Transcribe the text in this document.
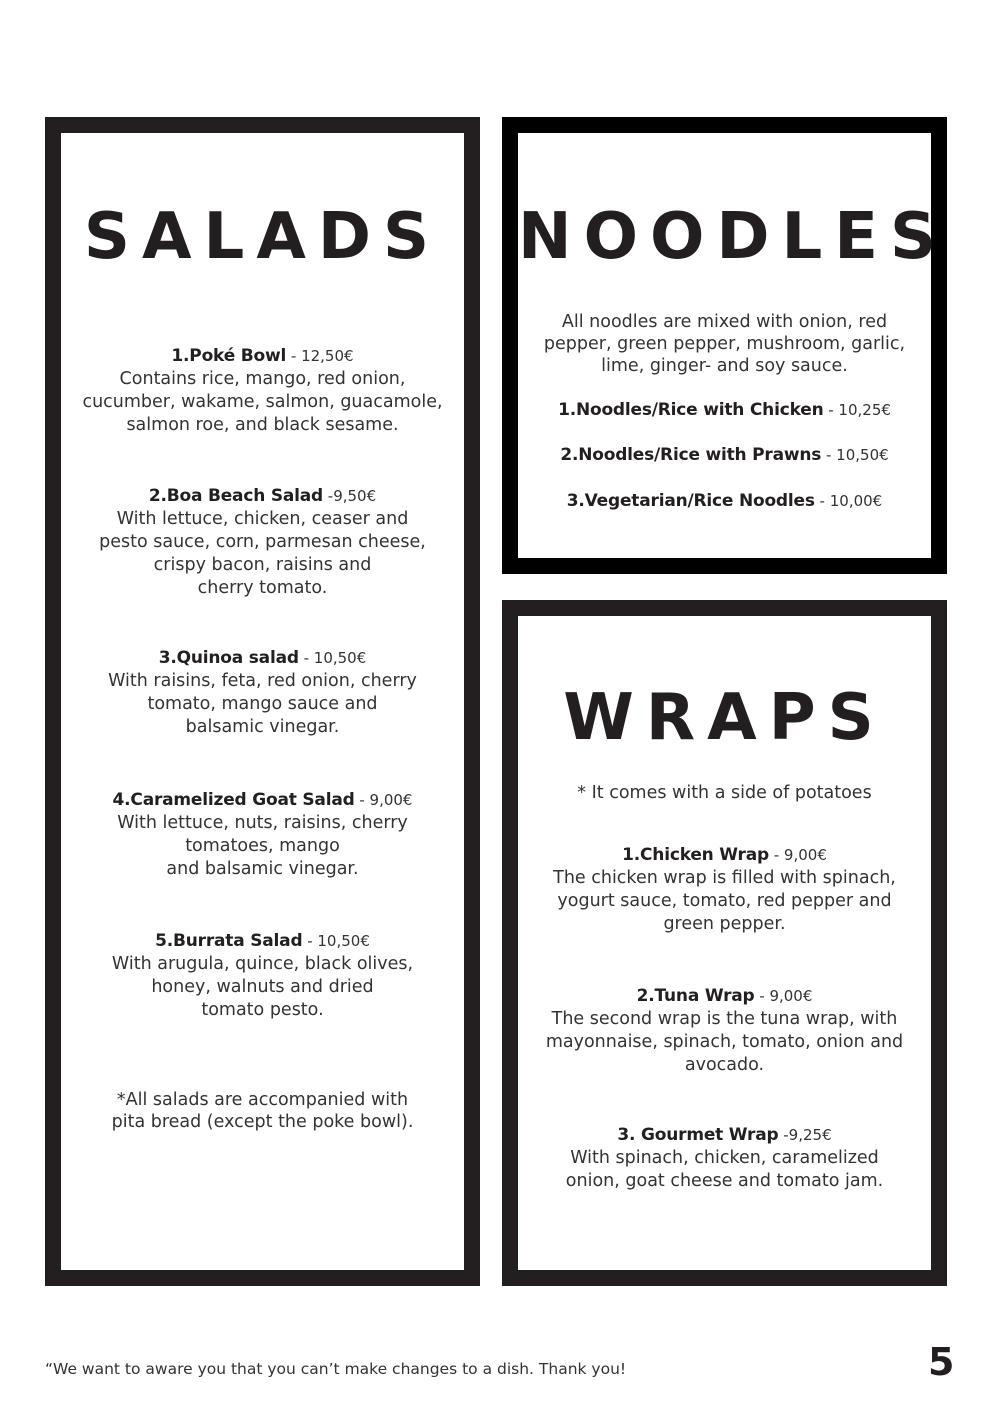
SALADS
1.Poké Bowl - 12,50€
Contains rice, mango, red onion,
cucumber, wakame, salmon, guacamole,
salmon roe, and black sesame.
2.Boa Beach Salad -9,50€
With lettuce, chicken, ceaser and
pesto sauce, corn, parmesan cheese,
crispy bacon, raisins and
cherry tomato.
3.Quinoa salad - 10,50€
With raisins, feta, red onion, cherry
tomato, mango sauce and
balsamic vinegar.
4.Caramelized Goat Salad - 9,00€
With lettuce, nuts, raisins, cherry
tomatoes, mango
and balsamic vinegar.
5.Burrata Salad - 10,50€
With arugula, quince, black olives,
honey, walnuts and dried
tomato pesto.
*All salads are accompanied with
pita bread (except the poke bowl).
NOODLES
All noodles are mixed with onion, red
pepper, green pepper, mushroom, garlic,
lime, ginger- and soy sauce.
1.Noodles/Rice with Chicken - 10,25€
2.Noodles/Rice with Prawns - 10,50€
3.Vegetarian/Rice Noodles - 10,00€
WRAPS
* It comes with a side of potatoes
1.Chicken Wrap - 9,00€
The chicken wrap is filled with spinach,
yogurt sauce, tomato, red pepper and
green pepper.
2.Tuna Wrap - 9,00€
The second wrap is the tuna wrap, with
mayonnaise, spinach, tomato, onion and
avocado.
3. Gourmet Wrap -9,25€
With spinach, chicken, caramelized
onion, goat cheese and tomato jam.
“We want to aware you that you can’t make changes to a dish. Thank you!	5
